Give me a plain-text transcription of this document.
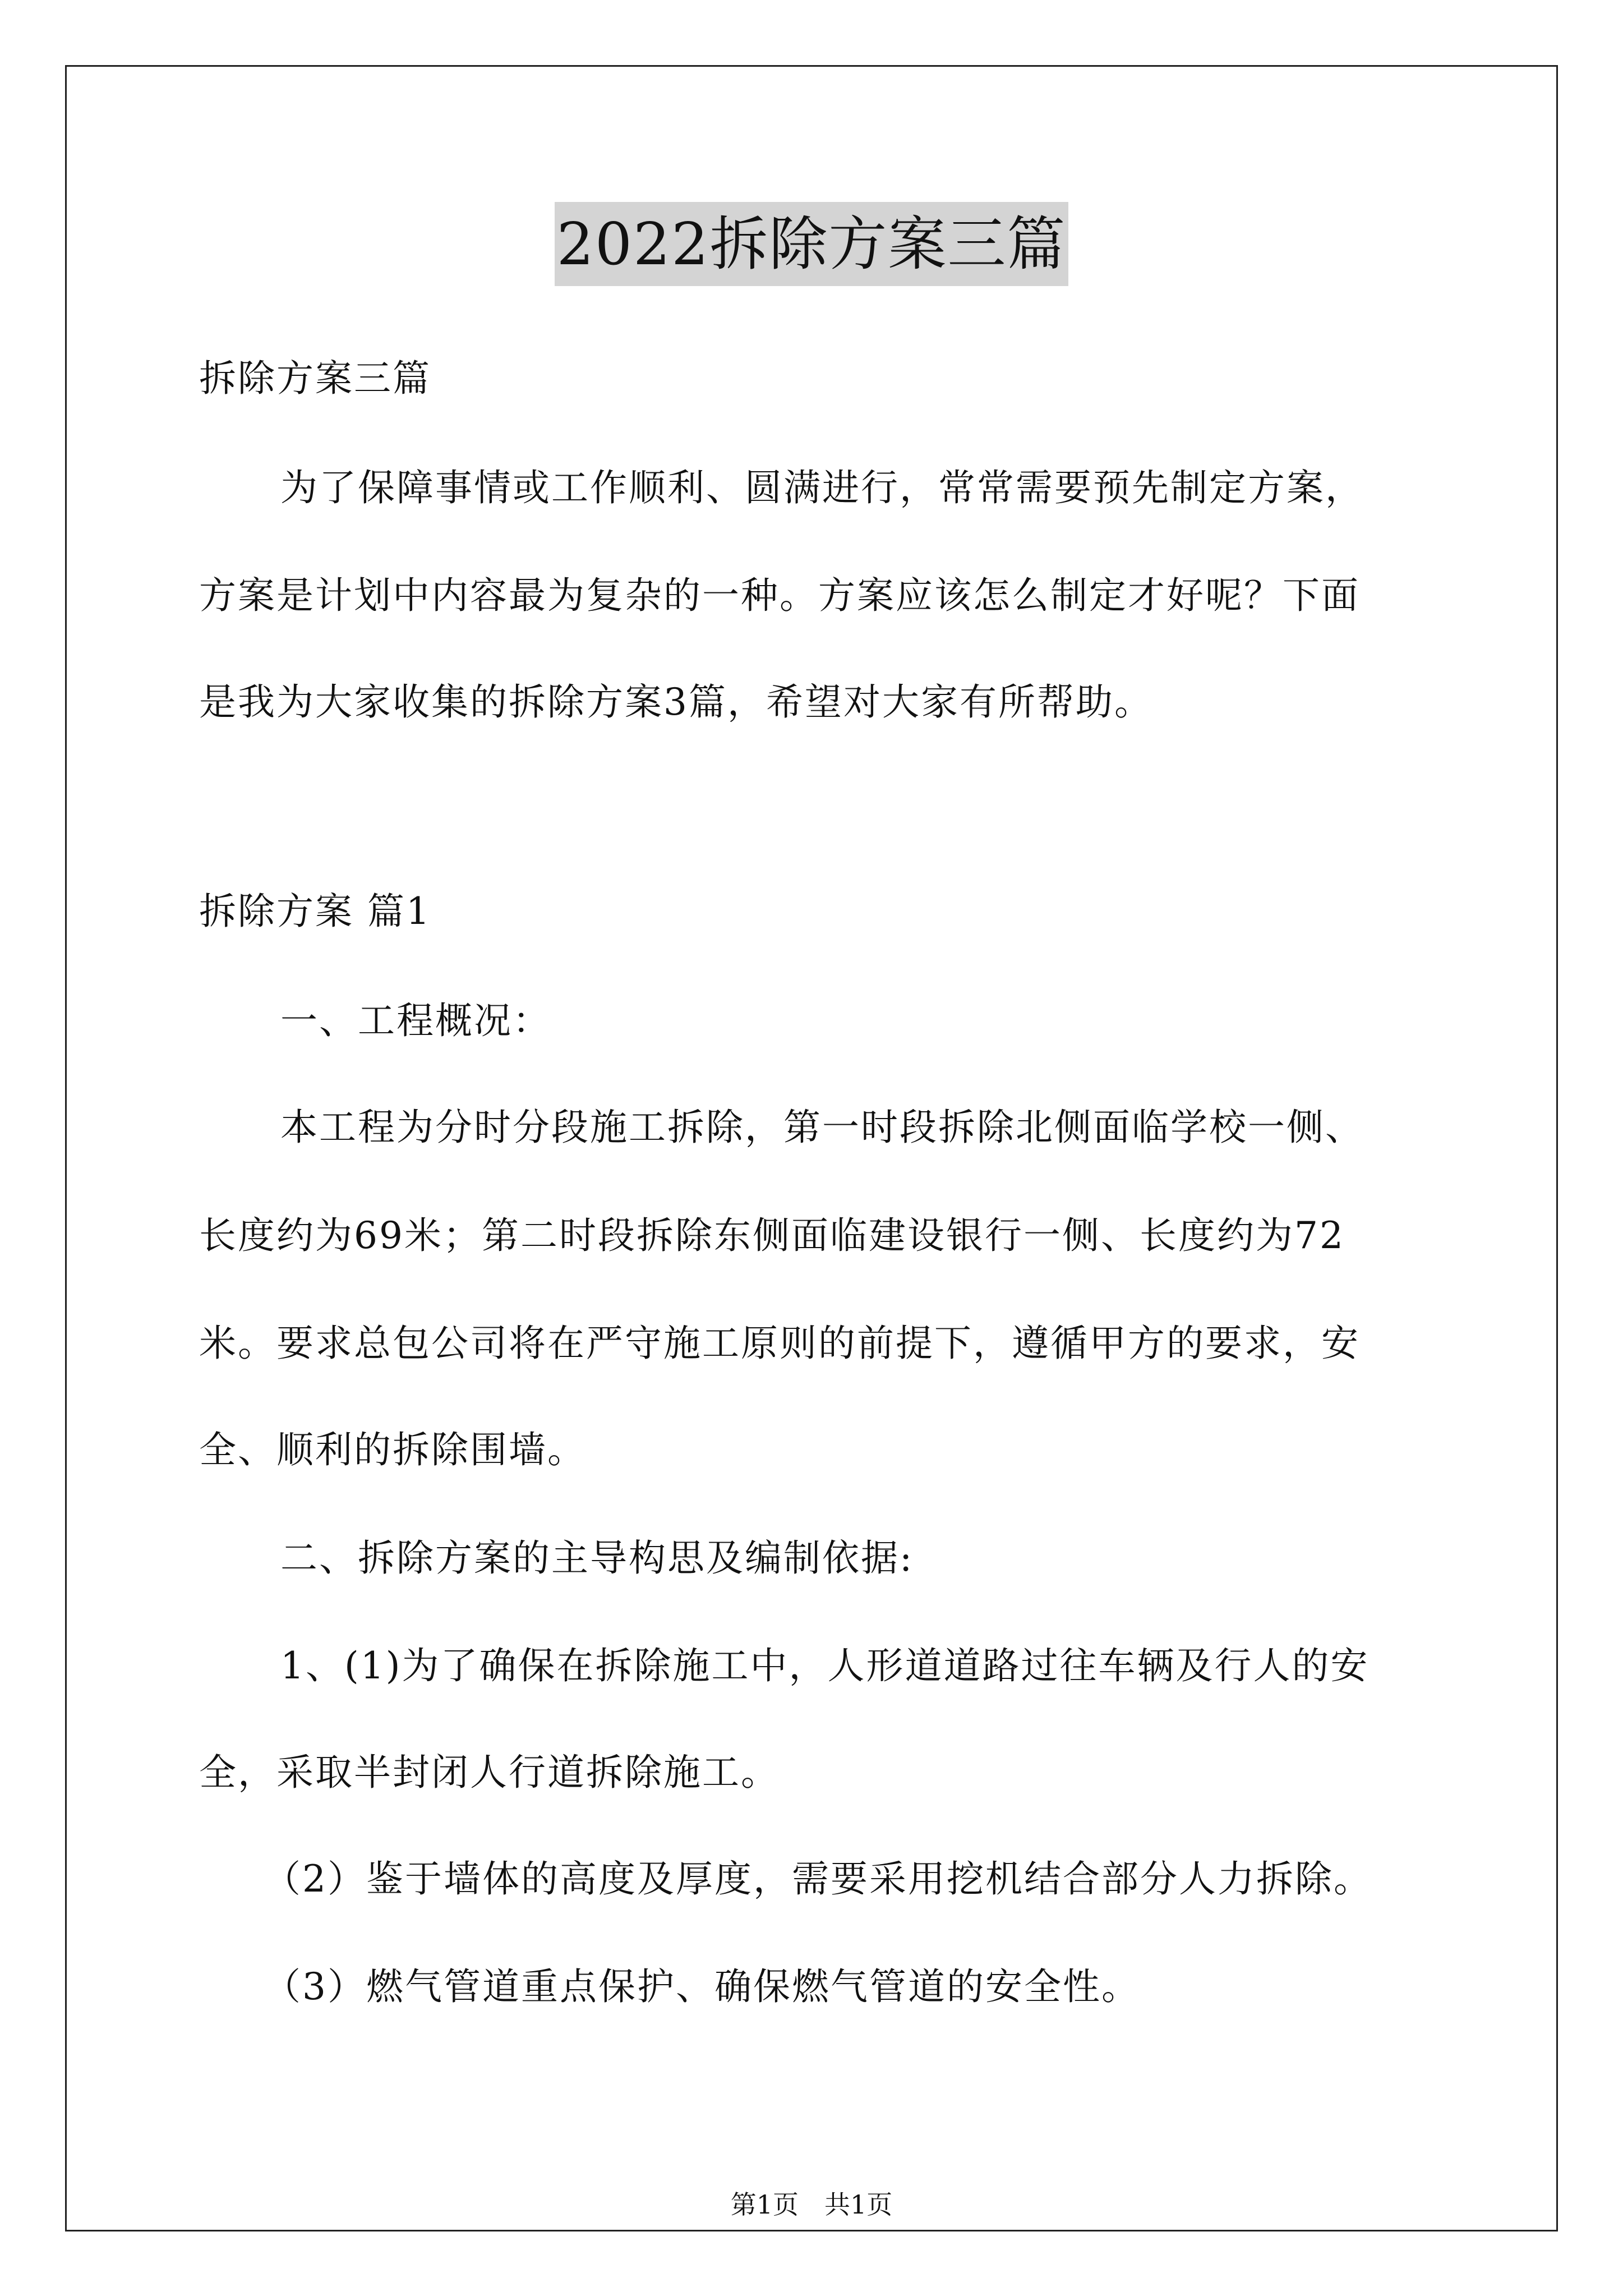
2022拆除方案三篇
拆除方案三篇
为了保障事情或工作顺利、圆满进行，常常需要预先制定方案，
方案是计划中内容最为复杂的一种。方案应该怎么制定才好呢？下面
是我为大家收集的拆除方案3篇，希望对大家有所帮助。
拆除方案 篇1
一、工程概况：
本工程为分时分段施工拆除，第一时段拆除北侧面临学校一侧、
长度约为69米；第二时段拆除东侧面临建设银行一侧、长度约为72
米。要求总包公司将在严守施工原则的前提下，遵循甲方的要求，安
全、顺利的拆除围墙。
二、拆除方案的主导构思及编制依据:
1、(1)为了确保在拆除施工中，人形道道路过往车辆及行人的安
全，采取半封闭人行道拆除施工。
（2）鉴于墙体的高度及厚度，需要采用挖机结合部分人力拆除。
（3）燃气管道重点保护、确保燃气管道的安全性。
第1页　共1页
